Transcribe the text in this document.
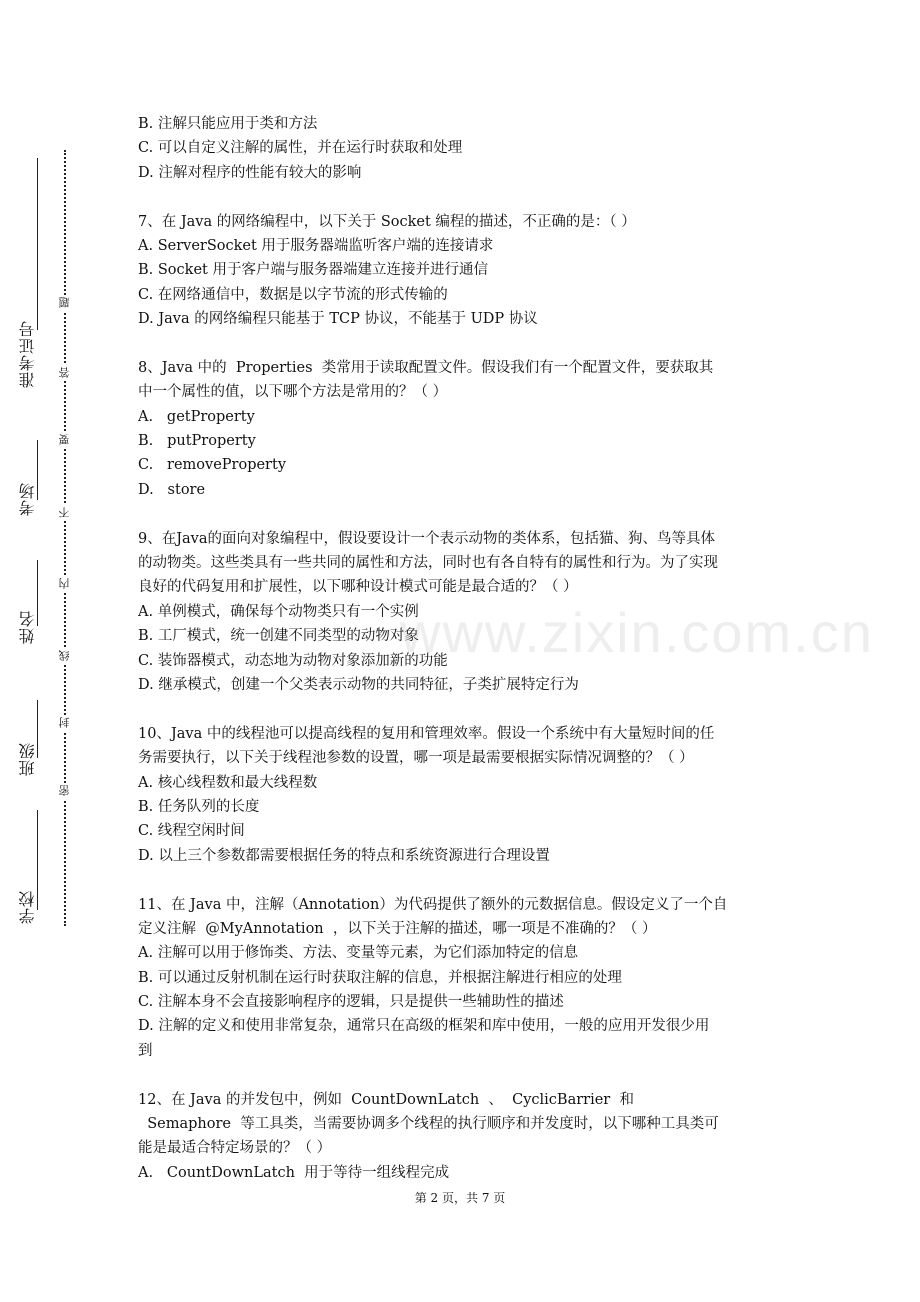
学校
班级
姓名
考场
准考证号
题
答
要
不
内
线
封
密
B. 注解只能应用于类和方法
C. 可以自定义注解的属性，并在运行时获取和处理
D. 注解对程序的性能有较大的影响
7、在 Java 的网络编程中，以下关于 Socket 编程的描述，不正确的是：（ ）
A. ServerSocket 用于服务器端监听客户端的连接请求
B. Socket 用于客户端与服务器端建立连接并进行通信
C. 在网络通信中，数据是以字节流的形式传输的
D. Java 的网络编程只能基于 TCP 协议，不能基于 UDP 协议
8、Java 中的  Properties  类常用于读取配置文件。假设我们有一个配置文件，要获取其
中一个属性的值，以下哪个方法是常用的？（ ）
A.   getProperty
B.   putProperty
C.   removeProperty
D.   store
9、在Java的面向对象编程中，假设要设计一个表示动物的类体系，包括猫、狗、鸟等具体
的动物类。这些类具有一些共同的属性和方法，同时也有各自特有的属性和行为。为了实现
良好的代码复用和扩展性，以下哪种设计模式可能是最合适的？（ ）
A. 单例模式，确保每个动物类只有一个实例
B. 工厂模式，统一创建不同类型的动物对象
C. 装饰器模式，动态地为动物对象添加新的功能
D. 继承模式，创建一个父类表示动物的共同特征，子类扩展特定行为
10、Java 中的线程池可以提高线程的复用和管理效率。假设一个系统中有大量短时间的任
务需要执行，以下关于线程池参数的设置，哪一项是最需要根据实际情况调整的？（ ）
A. 核心线程数和最大线程数
B. 任务队列的长度
C. 线程空闲时间
D. 以上三个参数都需要根据任务的特点和系统资源进行合理设置
11、在 Java 中，注解（Annotation）为代码提供了额外的元数据信息。假设定义了一个自
定义注解  @MyAnnotation  ，以下关于注解的描述，哪一项是不准确的？（ ）
A. 注解可以用于修饰类、方法、变量等元素，为它们添加特定的信息
B. 可以通过反射机制在运行时获取注解的信息，并根据注解进行相应的处理
C. 注解本身不会直接影响程序的逻辑，只是提供一些辅助性的描述
D. 注解的定义和使用非常复杂，通常只在高级的框架和库中使用，一般的应用开发很少用
到
12、在 Java 的并发包中，例如  CountDownLatch  、  CyclicBarrier  和
Semaphore  等工具类，当需要协调多个线程的执行顺序和并发度时，以下哪种工具类可
能是最适合特定场景的？（ ）
A.   CountDownLatch  用于等待一组线程完成
www.zixin.com.cn
第 2 页，共 7 页
